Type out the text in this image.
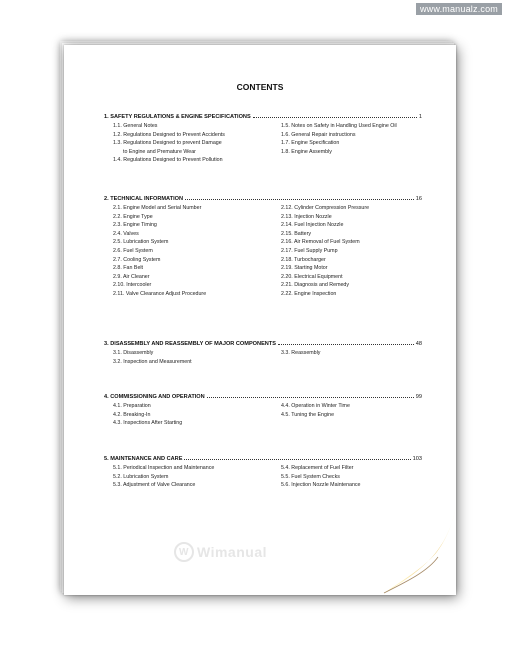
www.manualz.com
CONTENTS
1. SAFETY REGULATIONS & ENGINE SPECIFICATIONS	1
1.1. General Notes	1.5. Notes on Safety in Handling Used Engine Oil
1.2. Regulations Designed to Prevent Accidents	1.6. General Repair instructions
1.3. Regulations Designed to prevent Damage	1.7. Engine Specification
to Engine and Premature Wear	1.8. Engine Assembly
1.4. Regulations Designed to Prevent Pollution
2. TECHNICAL INFORMATION	16
2.1. Engine Model and Serial Number	2.12. Cylinder Compression Pressure
2.2. Engine Type	2.13. Injection Nozzle
2.3. Engine Timing	2.14. Fuel Injection Nozzle
2.4. Valves	2.15. Battery
2.5. Lubrication System	2.16. Air Removal of Fuel System
2.6. Fuel System	2.17. Fuel Supply Pump
2.7. Cooling System	2.18. Turbocharger
2.8. Fan Belt	2.19. Starting Motor
2.9. Air Cleaner	2.20. Electrical Equipment
2.10. Intercooler	2.21. Diagnosis and Remedy
2.11. Valve Clearance Adjust Procedure	2.22. Engine Inspection
3. DISASSEMBLY AND REASSEMBLY OF MAJOR COMPONENTS	48
3.1. Disassembly	3.3. Reassembly
3.2. Inspection and Measurement
4. COMMISSIONING AND OPERATION	99
4.1. Preparation	4.4. Operation in Winter Time
4.2. Breaking-In	4.5. Tuning the Engine
4.3. Inspections After Starting
5. MAINTENANCE AND CARE	103
5.1. Periodical Inspection and Maintenance	5.4. Replacement of Fuel Filter
5.2. Lubrication System	5.5. Fuel System Checks
5.3. Adjustment of Valve Clearance	5.6. Injection Nozzle Maintenance
W Wimanual
